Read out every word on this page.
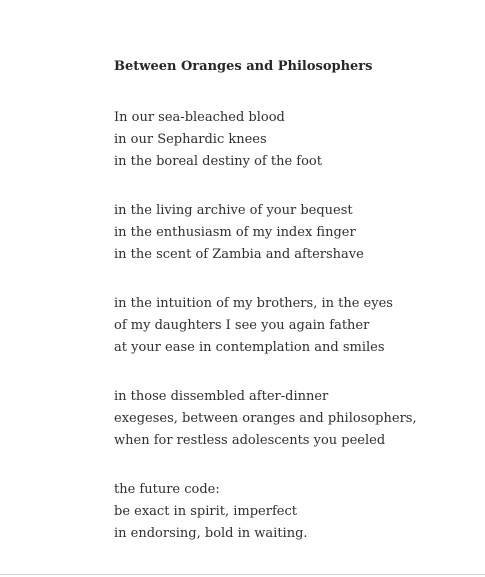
Between Oranges and Philosophers
In our sea-bleached blood
in our Sephardic knees
in the boreal destiny of the foot
in the living archive of your bequest
in the enthusiasm of my index finger
in the scent of Zambia and aftershave
in the intuition of my brothers, in the eyes
of my daughters I see you again father
at your ease in contemplation and smiles
in those dissembled after-dinner
exegeses, between oranges and philosophers,
when for restless adolescents you peeled
the future code:
be exact in spirit, imperfect
in endorsing, bold in waiting.
